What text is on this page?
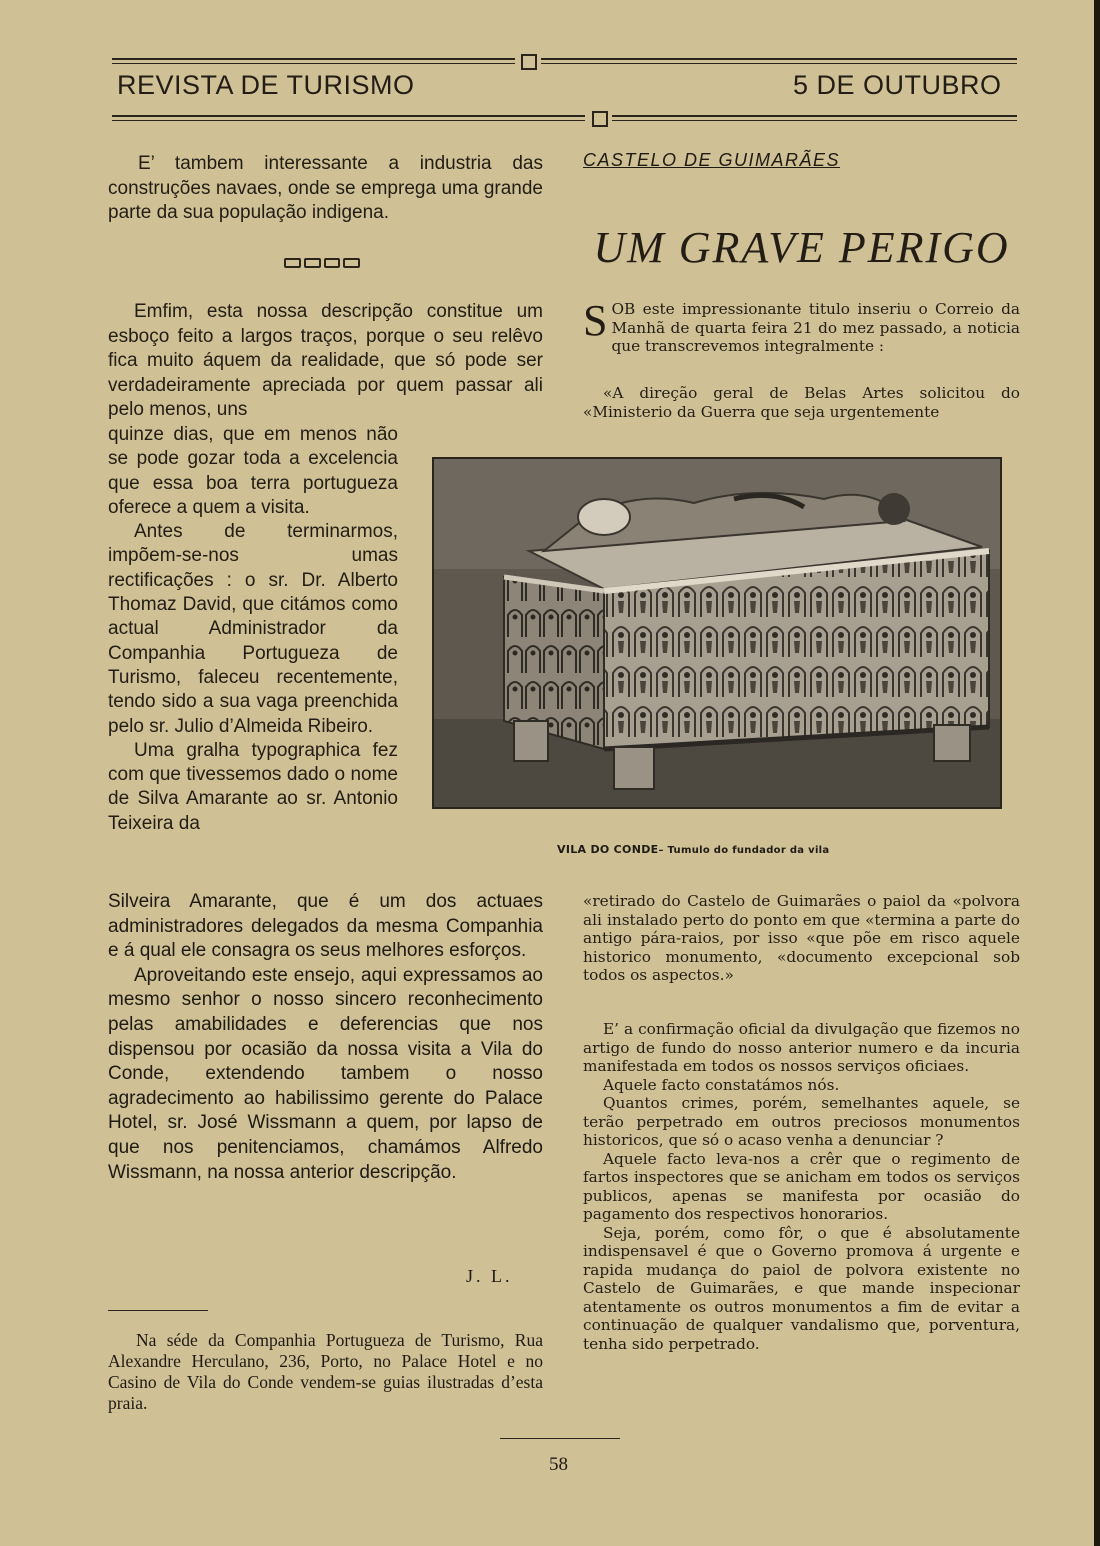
REVISTA DE TURISMO	5 DE OUTUBRO

E’ tambem interessante a industria das construções navaes, onde se emprega uma grande parte da sua população indigena.

Emfim, esta nossa descripção constitue um esboço feito a largos traços, porque o seu relêvo fica muito áquem da realidade, que só pode ser verdadeiramente apreciada por quem passar ali pelo menos, uns

quinze dias, que em menos não se pode gozar toda a excelencia que essa boa terra portugueza oferece a quem a visita.

Antes de terminarmos, impõem-se-nos umas rectificações : o sr. Dr. Alberto Thomaz David, que citámos como actual Administrador da Companhia Portugueza de Turismo, faleceu recentemente, tendo sido a sua vaga preenchida pelo sr. Julio d’Almeida Ribeiro.

Uma gralha typographica fez com que tivessemos dado o nome de Silva Amarante ao sr. Antonio Teixeira da

Silveira Amarante, que é um dos actuaes administradores delegados da mesma Companhia e á qual ele consagra os seus melhores esforços.

Aproveitando este ensejo, aqui expressamos ao mesmo senhor o nosso sincero reconhecimento pelas amabilidades e deferencias que nos dispensou por ocasião da nossa visita a Vila do Conde, extendendo tambem o nosso agradecimento ao habilissimo gerente do Palace Hotel, sr. José Wissmann a quem, por lapso de que nos penitenciamos, chamámos Alfredo Wissmann, na nossa anterior descripção.

J. L.

Na séde da Companhia Portugueza de Turismo, Rua Alexandre Herculano, 236, Porto, no Palace Hotel e no Casino de Vila do Conde vendem-se guias ilustradas d’esta praia.

CASTELO DE GUIMARÃES
UM GRAVE PERIGO

SOB este impressionante titulo inseriu o Correio da Manhã de quarta feira 21 do mez passado, a noticia que transcrevemos integralmente :

«A direção geral de Belas Artes solicitou do «Ministerio da Guerra que seja urgentemente

«retirado do Castelo de Guimarães o paiol da «polvora ali instalado perto do ponto em que «termina a parte do antigo pára-raios, por isso «que põe em risco aquele historico monumento, «documento excepcional sob todos os aspectos.»

E’ a confirmação oficial da divulgação que fizemos no artigo de fundo do nosso anterior numero e da incuria manifestada em todos os nossos serviços oficiaes.

Aquele facto constatámos nós.

Quantos crimes, porém, semelhantes aquele, se terão perpetrado em outros preciosos monumentos historicos, que só o acaso venha a denunciar ?

Aquele facto leva-nos a crêr que o regimento de fartos inspectores que se anicham em todos os serviços publicos, apenas se manifesta por ocasião do pagamento dos respectivos honorarios.

Seja, porém, como fôr, o que é absolutamente indispensavel é que o Governo promova á urgente e rapida mudança do paiol de polvora existente no Castelo de Guimarães, e que mande inspecionar atentamente os outros monumentos a fim de evitar a continuação de qualquer vandalismo que, porventura, tenha sido perpetrado.

VILA DO CONDE– Tumulo do fundador da vila
58
